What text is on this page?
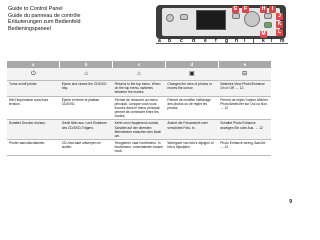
Guide to Control Panel
Guide du panneau de contrôle
Erläuterungen zum Bedienfeld
Bedieningspaneel
E	F	H	I
J
K
L
M
a b c d e f g h i j k l m
a	b	c	d	e
⏻	⌂	⌂	▣	⊟
Turns on/off printer.	Ejects and closes the CD/DVD tray.	Returns to the top menu. When on the top menu, switches between the modes.	Changes the view of photos or moves the cursor.	Switches View Photo/Enhance On or Off. → 12
Met l'imprimante sous/hors tension.	Éjecte et ferme le plateau CD/DVD.	Permet de retourner au menu principal. Lorsque vous vous trouvez dans le menu principal, permet de commuter entre les modes.	Permet de modifier l'affichage des photos ou de regler les photos.	Permet de regler l'option Afficher Photo/Améliorer sur Oui ou Non. → 12
Schaltet Drucker ein/aus.	Gerät fährt aus / und Einfahren des CD/DVD-Trägers.	Kehrt zum Hauptmenü zurück. Schaltet auf der obersten Menüebene zwischen den Modi um.	Ändert die Fotoansicht oder verschiebt Foto- in.	Schaltet Photo Enhance anzeigen Ein oder Aus. → 12
Printer aan/uitschakelen.	CD-/dvd-lade uitwerpen en sluiten.	Terugkeren naar hoofdmenu. In hoofdmenu: omschakelen tussen modi.	Weergave van foto's wijzigen of foto's bijsnijden.	Photo Enhance weerg. Aan/Uit. → 12
9
